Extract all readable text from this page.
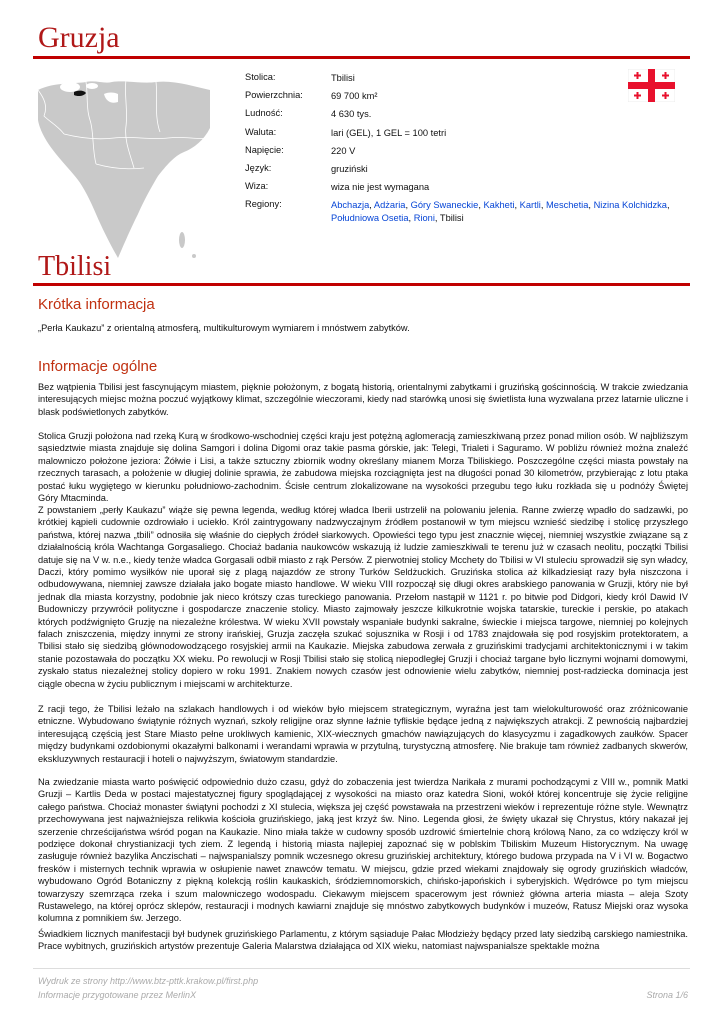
Gruzja
Stolica:	Tbilisi
Powierzchnia:	69 700 km²
Ludność:	4 630 tys.
Waluta:	lari (GEL), 1 GEL = 100 tetri
Napięcie:	220 V
Język:	gruziński
Wiza:	wiza nie jest wymagana
Regiony:	Abchazja, Adżaria, Góry Swaneckie, Kakheti, Kartli, Meschetia, Nizina Kolchidzka, Południowa Osetia, Rioni, Tbilisi
Tbilisi
Krótka informacja

„Perła Kaukazu” z orientalną atmosferą, multikulturowym wymiarem i mnóstwem zabytków.

Informacje ogólne

Bez wątpienia Tbilisi jest fascynującym miastem, pięknie położonym, z bogatą historią, orientalnymi zabytkami i gruzińską gościnnością. W trakcie zwiedzania interesujących miejsc można poczuć wyjątkowy klimat, szczególnie wieczorami, kiedy nad starówką unosi się świetlista łuna wyzwalana przez latarnie uliczne i blask podświetlonych zabytków.

Stolica Gruzji położona nad rzeką Kurą w środkowo-wschodniej części kraju jest potężną aglomeracją zamieszkiwaną przez ponad milion osób. W najbliższym sąsiedztwie miasta znajduje się dolina Samgori i dolina Digomi oraz takie pasma górskie, jak: Telegi, Trialeti i Saguramo. W pobliżu również można znaleźć malowniczo położone jeziora: Żółwie i Lisi, a także sztuczny zbiornik wodny określany mianem Morza Tbiliskiego. Poszczególne części miasta powstały na rzecznych tarasach, a położenie w długiej dolinie sprawia, że zabudowa miejska rozciągnięta jest na długości ponad 30 kilometrów, przybierając z lotu ptaka postać łuku wygiętego w kierunku południowo-zachodnim. Ścisłe centrum zlokalizowane na wysokości przegubu tego łuku rozkłada się u podnóży Świętej Góry Mtacminda.

Z powstaniem „perły Kaukazu” wiąże się pewna legenda, według której władca Iberii ustrzelił na polowaniu jelenia. Ranne zwierzę wpadło do sadzawki, po krótkiej kąpieli cudownie ozdrowiało i uciekło. Król zaintrygowany nadzwyczajnym źródłem postanowił w tym miejscu wznieść siedzibę i stolicę przyszłego państwa, której nazwa „tbili” odnosiła się właśnie do ciepłych źródeł siarkowych. Opowieści tego typu jest znacznie więcej, niemniej wszystkie związane są z działalnością króla Wachtanga Gorgasaliego. Chociaż badania naukowców wskazują iż ludzie zamieszkiwali te terenu już w czasach neolitu, początki Tbilisi datuje się na V w. n.e., kiedy tenże władca Gorgasali odbił miasto z rąk Persów. Z pierwotniej stolicy Mcchety do Tbilisi w VI stuleciu sprowadził się syn władcy, Daczi, który pomimo wysiłków nie uporał się z plagą najazdów ze strony Turków Seldżuckich. Gruzińska stolica aż kilkadziesiąt razy była niszczona i odbudowywana, niemniej zawsze działała jako bogate miasto handlowe. W wieku VIII rozpoczął się długi okres arabskiego panowania w Gruzji, który nie był jednak dla miasta korzystny, podobnie jak nieco krótszy czas tureckiego panowania. Przełom nastąpił w 1121 r. po bitwie pod Didgori, kiedy król Dawid IV Budowniczy przywrócił polityczne i gospodarcze znaczenie stolicy. Miasto zajmowały jeszcze kilkukrotnie wojska tatarskie, tureckie i perskie, po atakach których podźwignięto Gruzję na niezależne królestwa. W wieku XVII powstały wspaniałe budynki sakralne, świeckie i miejsca targowe, niemniej po kolejnych falach zniszczenia, między innymi ze strony irańskiej, Gruzja zaczęła szukać sojusznika w Rosji i od 1783 znajdowała się pod rosyjskim protektoratem, a Tbilisi stało się siedzibą głównodowodzącego rosyjskiej armii na Kaukazie. Miejska zabudowa zerwała z gruzińskimi tradycjami architektonicznymi i w takim stanie pozostawała do początku XX wieku. Po rewolucji w Rosji Tbilisi stało się stolicą niepodległej Gruzji i chociaż targane było licznymi wojnami domowymi, zyskało status niezależnej stolicy dopiero w roku 1991. Znakiem nowych czasów jest odnowienie wielu zabytków, niemniej post-radziecka dominacja jest ciągle obecna w życiu publicznym i miejscami w architekturze.

Z racji tego, że Tbilisi leżało na szlakach handlowych i od wieków było miejscem strategicznym, wyraźna jest tam wielokulturowość oraz zróżnicowanie etniczne. Wybudowano świątynie różnych wyznań, szkoły religijne oraz słynne łaźnie tyfliskie będące jedną z największych atrakcji. Z pewnością najbardziej interesującą częścią jest Stare Miasto pełne urokliwych kamienic, XIX-wiecznych gmachów nawiązujących do klasycyzmu i zagadkowych zaułków. Spacer między budynkami ozdobionymi okazałymi balkonami i werandami wprawia w przytulną, turystyczną atmosferę. Nie brakuje tam również zadbanych skwerów, ekskluzywnych restauracji i hoteli o najwyższym, światowym standardzie.

Na zwiedzanie miasta warto poświęcić odpowiednio dużo czasu, gdyż do zobaczenia jest twierdza Narikała z murami pochodzącymi z VIII w., pomnik Matki Gruzji – Kartlis Deda w postaci majestatycznej figury spoglądającej z wysokości na miasto oraz katedra Sioni, wokół której koncentruje się życie religijne całego państwa. Chociaż monaster świątyni pochodzi z XI stulecia, większa jej część powstawała na przestrzeni wieków i reprezentuje różne style. Wewnątrz przechowywana jest najważniejsza relikwia kościoła gruzińskiego, jaką jest krzyż św. Nino. Legenda głosi, że święty ukazał się Chrystus, który nakazał jej szerzenie chrześcijaństwa wśród pogan na Kaukazie. Nino miała także w cudowny sposób uzdrowić śmiertelnie chorą królową Nano, za co wdzięczy król w podzięce dokonał chrystianizacji tych ziem. Z legendą i historią miasta najlepiej zapoznać się w poblskim Tbiliskim Muzeum Historycznym. Na uwagę zasługuje również bazylika Anczischati – najwspanialszy pomnik wczesnego okresu gruzińskiej architektury, którego budowa przypada na V i VI w. Bogactwo fresków i misternych technik wprawia w osłupienie nawet znawców tematu. W miejscu, gdzie przed wiekami znajdowały się ogrody gruzińskich władców, wybudowano Ogród Botaniczny z piękną kolekcją roślin kaukaskich, śródziemnomorskich, chińsko-japońskich i syberyjskich. Wędrówce po tym miejscu towarzyszy szemrząca rzeka i szum malowniczego wodospadu. Ciekawym miejscem spacerowym jest również główna arteria miasta – aleja Szoty Rustawelego, na której oprócz sklepów, restauracji i modnych kawiarni znajduje się mnóstwo zabytkowych budynków i muzeów, Ratusz Miejski oraz wysoka kolumna z pomnikiem św. Jerzego.

Świadkiem licznych manifestacji był budynek gruzińskiego Parlamentu, z którym sąsiaduje Pałac Młodzieży będący przed laty siedzibą carskiego namiestnika. Prace wybitnych, gruzińskich artystów prezentuje Galeria Malarstwa działająca od XIX wieku, natomiast najwspanialsze spektakle można

Wydruk ze strony http://www.btz-pttk.krakow.pl/first.php
Informacje przygotowane przez MerlinX	Strona 1/6
